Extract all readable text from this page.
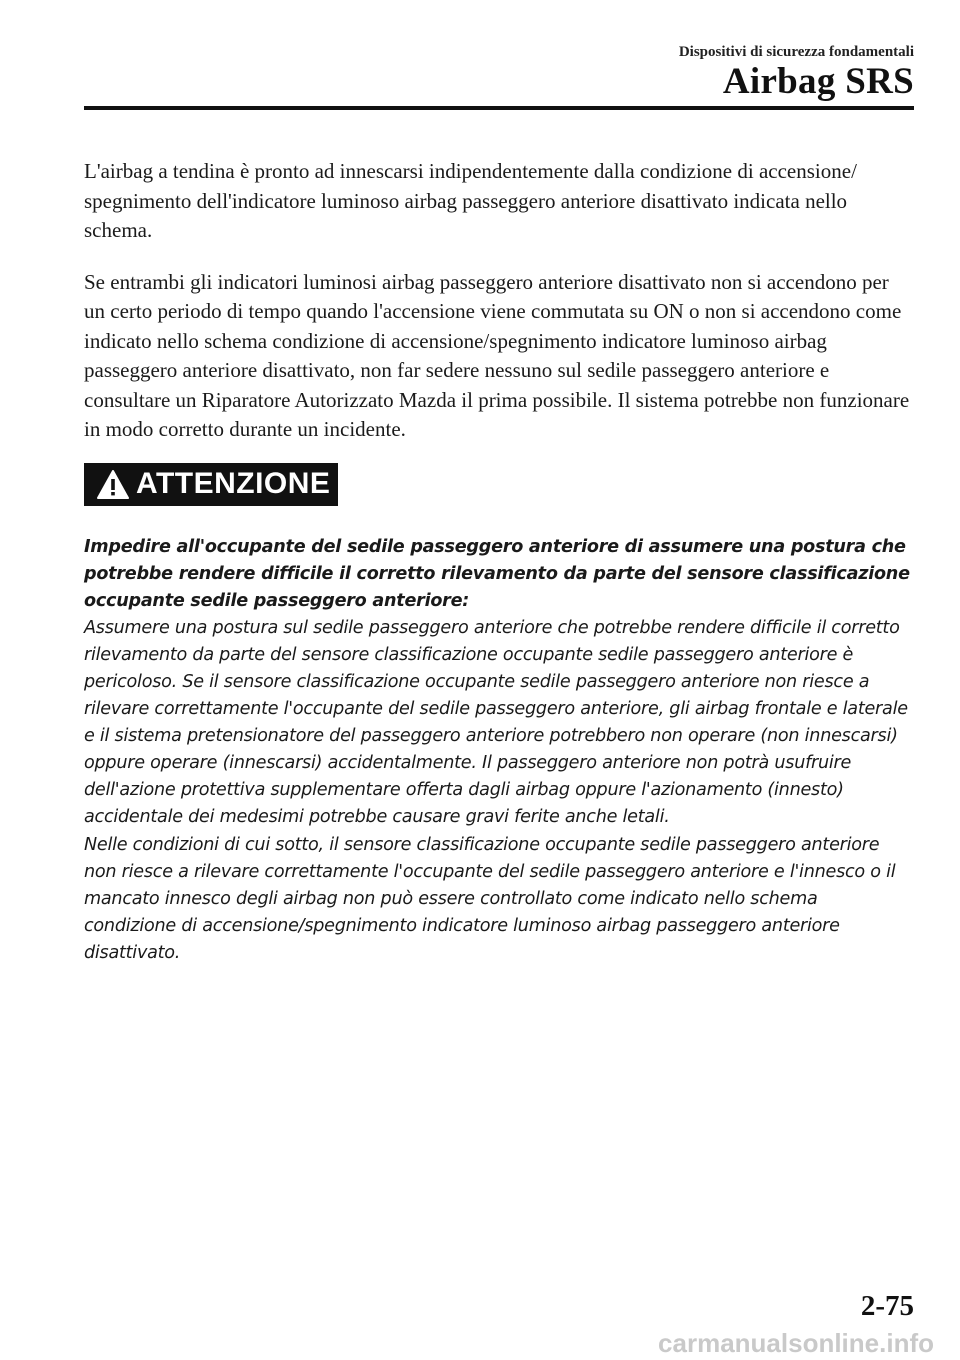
Dispositivi di sicurezza fondamentali
Airbag SRS

L'airbag a tendina è pronto ad innescarsi indipendentemente dalla condizione di accensione/ spegnimento dell'indicatore luminoso airbag passeggero anteriore disattivato indicata nello schema.

Se entrambi gli indicatori luminosi airbag passeggero anteriore disattivato non si accendono per un certo periodo di tempo quando l'accensione viene commutata su ON o non si accendono come indicato nello schema condizione di accensione/spegnimento indicatore luminoso airbag passeggero anteriore disattivato, non far sedere nessuno sul sedile passeggero anteriore e consultare un Riparatore Autorizzato Mazda il prima possibile. Il sistema potrebbe non funzionare in modo corretto durante un incidente.

ATTENZIONE

Impedire all'occupante del sedile passeggero anteriore di assumere una postura che potrebbe rendere difficile il corretto rilevamento da parte del sensore classificazione occupante sedile passeggero anteriore:

Assumere una postura sul sedile passeggero anteriore che potrebbe rendere difficile il corretto rilevamento da parte del sensore classificazione occupante sedile passeggero anteriore è pericoloso. Se il sensore classificazione occupante sedile passeggero anteriore non riesce a rilevare correttamente l'occupante del sedile passeggero anteriore, gli airbag frontale e laterale e il sistema pretensionatore del passeggero anteriore potrebbero non operare (non innescarsi) oppure operare (innescarsi) accidentalmente. Il passeggero anteriore non potrà usufruire dell'azione protettiva supplementare offerta dagli airbag oppure l'azionamento (innesto) accidentale dei medesimi potrebbe causare gravi ferite anche letali.

Nelle condizioni di cui sotto, il sensore classificazione occupante sedile passeggero anteriore non riesce a rilevare correttamente l'occupante del sedile passeggero anteriore e l'innesco o il mancato innesco degli airbag non può essere controllato come indicato nello schema condizione di accensione/spegnimento indicatore luminoso airbag passeggero anteriore disattivato.

2-75
carmanualsonline.info
